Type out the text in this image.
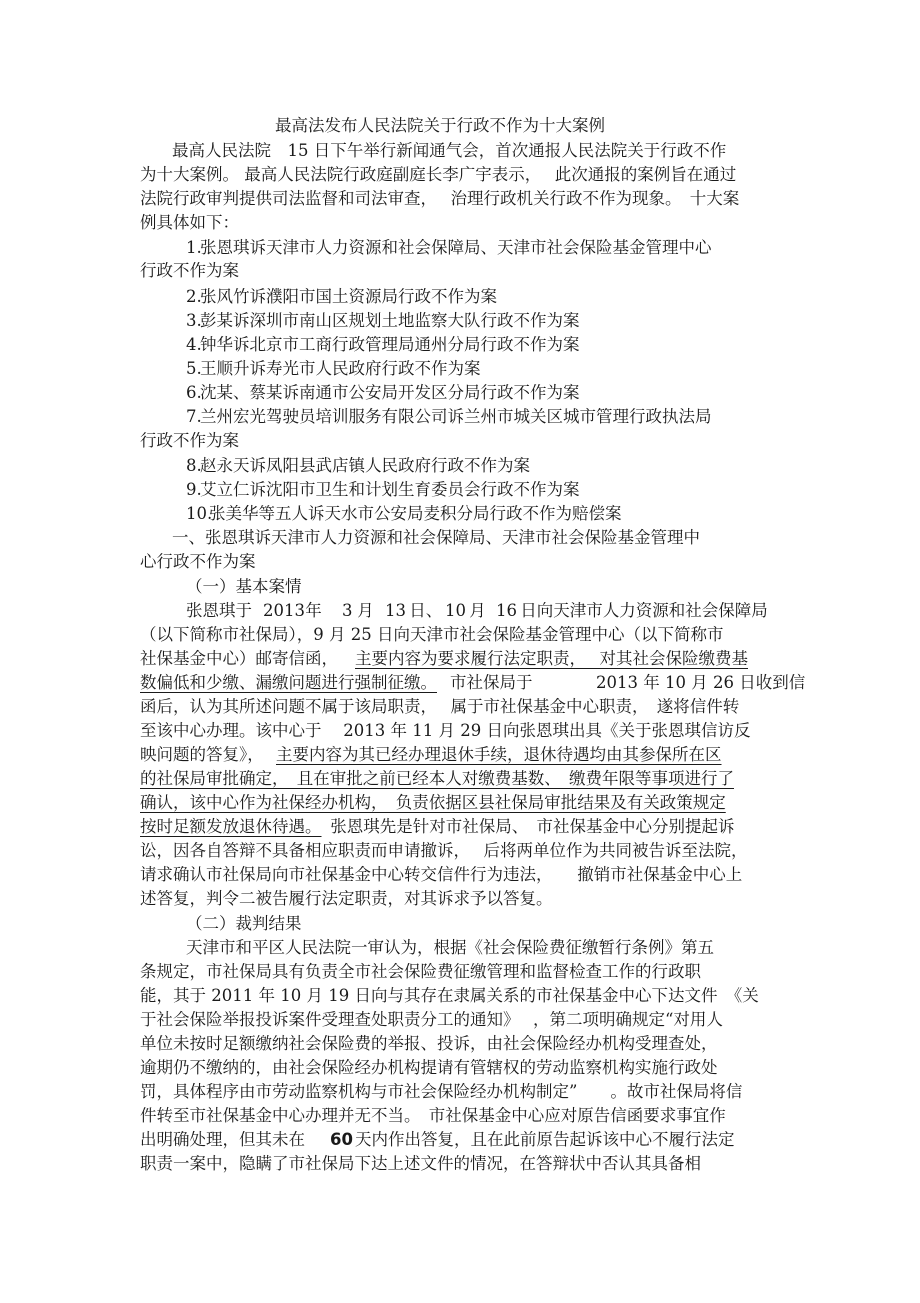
最高法发布人民法院关于行政不作为十大案例
最高人民法院　15 日下午举行新闻通气会，首次通报人民法院关于行政不作
为十大案例。 最高人民法院行政庭副庭长李广宇表示，　 此次通报的案例旨在通过
法院行政审判提供司法监督和司法审查，　 治理行政机关行政不作为现象。　十大案
例具体如下：
1.
张恩琪诉天津市人力资源和社会保障局、天津市社会保险基金管理中心
行政不作为案
2.
张风竹诉濮阳市国土资源局行政不作为案
3.
彭某诉深圳市南山区规划土地监察大队行政不作为案
4.
钟华诉北京市工商行政管理局通州分局行政不作为案
5.
王顺升诉寿光市人民政府行政不作为案
6.
沈某、蔡某诉南通市公安局开发区分局行政不作为案
7.
兰州宏光驾驶员培训服务有限公司诉兰州市城关区城市管理行政执法局
行政不作为案
8.
赵永天诉凤阳县武店镇人民政府行政不作为案
9.
艾立仁诉沈阳市卫生和计划生育委员会行政不作为案
10.
张美华等五人诉天水市公安局麦积分局行政不作为赔偿案
一、张恩琪诉天津市人力资源和社会保障局、天津市社会保险基金管理中
心行政不作为案
（一）基本案情
张恩琪于 2013
年 3 月 13
日、 10
月 16
日向天津市人力资源和社会保障局
（以下简称市社保局），9 月 25 日向天津市社会保险基金管理中心（以下简称市
社保基金中心）邮寄信函， 主要内容为要求履行法定职责，　 对其社会保险缴费基
数偏低和少缴、漏缴问题进行强制征缴。 市社保局于	2013 年 10 月 26 日收到信
函后，认为其所述问题不属于该局职责，　 属于市社保基金中心职责，　遂将信件转
至该中心办理。该中心于　 2013 年 11 月 29 日向张恩琪出具《关于张恩琪信访反
映问题的答复》， 主要内容为其已经办理退休手续，退休待遇均由其参保所在区
的社保局审批确定，　且在审批之前已经本人对缴费基数、　缴费年限等事项进行了
确认，该中心作为社保经办机构，　负责依据区县社保局审批结果及有关政策规定
按时足额发放退休待遇。 张恩琪先是针对市社保局、　市社保基金中心分别提起诉
讼，因各自答辩不具备相应职责而申请撤诉，　 后将两单位作为共同被告诉至法院，
请求确认市社保局向市社保基金中心转交信件行为违法，　　撤销市社保基金中心上
述答复，判令二被告履行法定职责，对其诉求予以答复。
（二）裁判结果
天津市和平区人民法院一审认为，根据《社会保险费征缴暂行条例》第五
条规定，市社保局具有负责全市社会保险费征缴管理和监督检查工作的行政职
能，其于 2011 年 10 月 19 日向与其存在隶属关系的市社保基金中心下达文件　《关
于社会保险举报投诉案件受理查处职责分工的通知》　 ，第二项明确规定“对用人
单位未按时足额缴纳社会保险费的举报、投诉，由社会保险经办机构受理查处，
逾期仍不缴纳的，由社会保险经办机构提请有管辖权的劳动监察机构实施行政处
罚，具体程序由市劳动监察机构与市社会保险经办机构制定”　　。故市社保局将信
件转至市社保基金中心办理并无不当。　市社保基金中心应对原告信函要求事宜作
出明确处理，但其未在　 60 天内作出答复，且在此前原告起诉该中心不履行法定
职责一案中，隐瞒了市社保局下达上述文件的情况，在答辩状中否认其具备相
